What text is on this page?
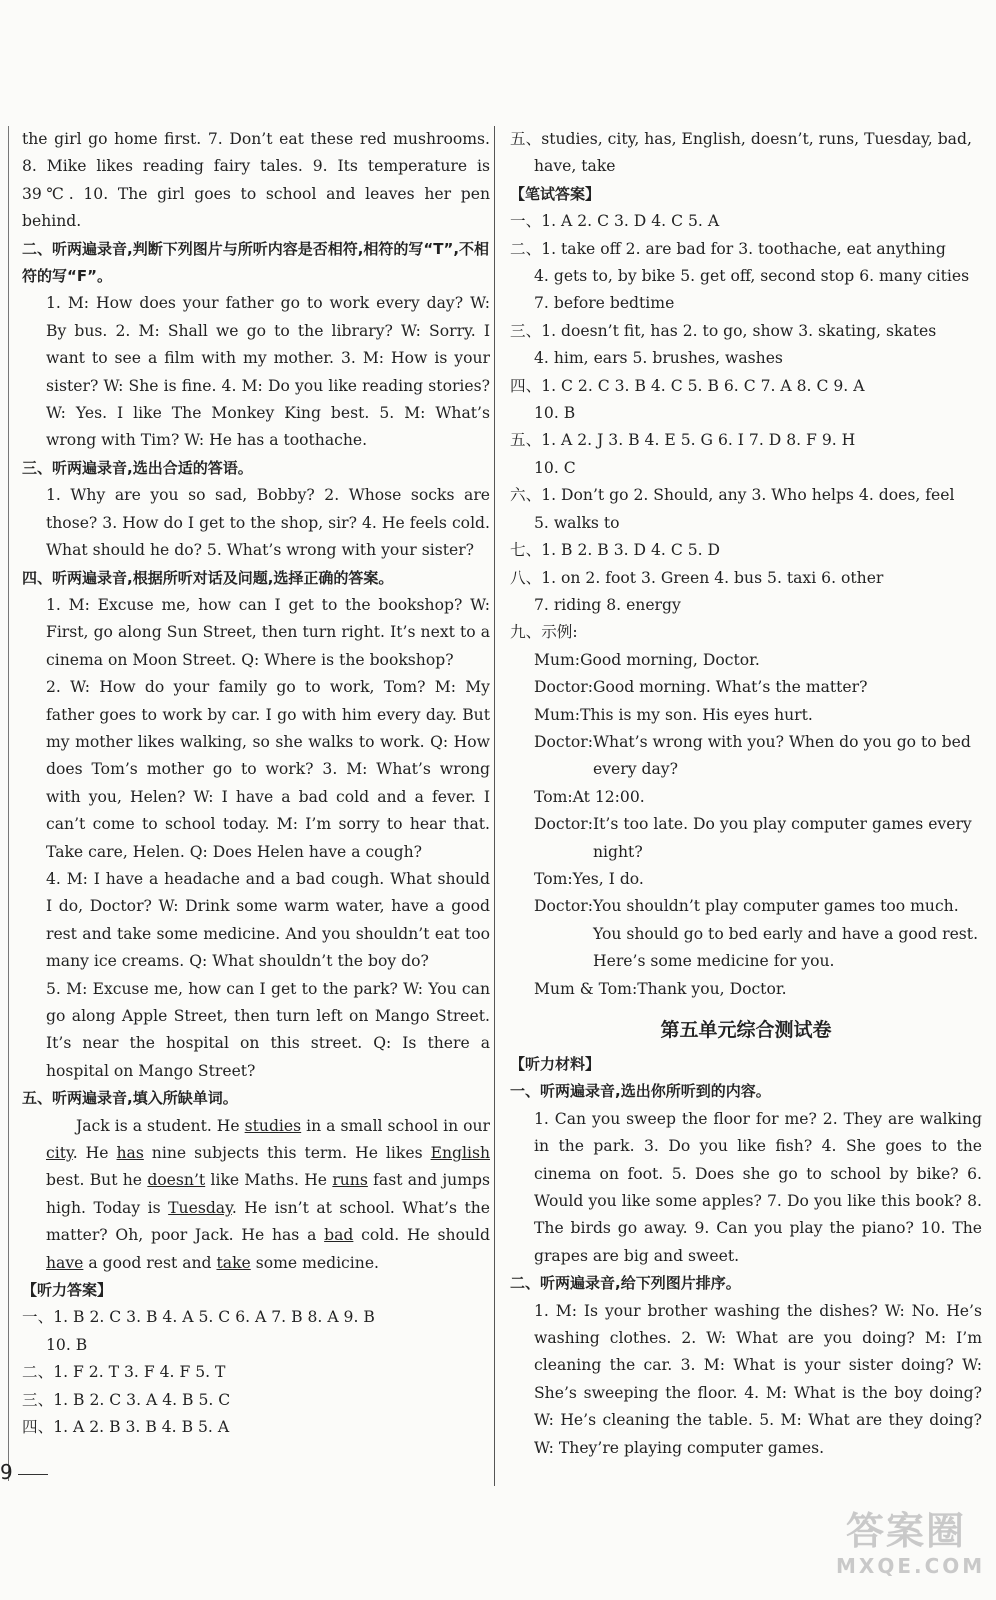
the girl go home first. 7. Don’t eat these red mushrooms. 8. Mike likes reading fairy tales. 9. Its temperature is 39℃. 10. The girl goes to school and leaves her pen behind.

二、听两遍录音,判断下列图片与所听内容是否相符,相符的写“T”,不相符的写“F”。

1. M: How does your father go to work every day? W: By bus. 2. M: Shall we go to the library? W: Sorry. I want to see a film with my mother. 3. M: How is your sister? W: She is fine. 4. M: Do you like reading stories? W: Yes. I like The Monkey King best. 5. M: What’s wrong with Tim? W: He has a toothache.

三、听两遍录音,选出合适的答语。

1. Why are you so sad, Bobby? 2. Whose socks are those? 3. How do I get to the shop, sir? 4. He feels cold. What should he do? 5. What’s wrong with your sister?

四、听两遍录音,根据所听对话及问题,选择正确的答案。

1. M: Excuse me, how can I get to the bookshop? W: First, go along Sun Street, then turn right. It’s next to a cinema on Moon Street. Q: Where is the bookshop?

2. W: How do your family go to work, Tom? M: My father goes to work by car. I go with him every day. But my mother likes walking, so she walks to work. Q: How does Tom’s mother go to work? 3. M: What’s wrong with you, Helen? W: I have a bad cold and a fever. I can’t come to school today. M: I’m sorry to hear that. Take care, Helen. Q: Does Helen have a cough?

4. M: I have a headache and a bad cough. What should I do, Doctor? W: Drink some warm water, have a good rest and take some medicine. And you shouldn’t eat too many ice creams. Q: What shouldn’t the boy do?

5. M: Excuse me, how can I get to the park? W: You can go along Apple Street, then turn left on Mango Street. It’s near the hospital on this street. Q: Is there a hospital on Mango Street?

五、听两遍录音,填入所缺单词。

Jack is a student. He studies in a small school in our city. He has nine subjects this term. He likes English best. But he doesn’t like Maths. He runs fast and jumps high. Today is Tuesday. He isn’t at school. What’s the matter? Oh, poor Jack. He has a bad cold. He should have a good rest and take some medicine.

【听力答案】

一、1. B 2. C 3. B 4. A 5. C 6. A 7. B 8. A 9. B

10. B

二、1. F 2. T 3. F 4. F 5. T

三、1. B 2. C 3. A 4. B 5. C

四、1. A 2. B 3. B 4. B 5. A

五、studies, city, has, English, doesn’t, runs, Tuesday, bad,

have, take

【笔试答案】

一、1. A 2. C 3. D 4. C 5. A

二、1. take off 2. are bad for 3. toothache, eat anything

4. gets to, by bike 5. get off, second stop 6. many cities

7. before bedtime

三、1. doesn’t fit, has 2. to go, show 3. skating, skates

4. him, ears 5. brushes, washes

四、1. C 2. C 3. B 4. C 5. B 6. C 7. A 8. C 9. A

10. B

五、1. A 2. J 3. B 4. E 5. G 6. I 7. D 8. F 9. H

10. C

六、1. Don’t go 2. Should, any 3. Who helps 4. does, feel

5. walks to

七、1. B 2. B 3. D 4. C 5. D

八、1. on 2. foot 3. Green 4. bus 5. taxi 6. other

7. riding 8. energy

九、示例:

Mum: Good morning, Doctor.
Doctor: Good morning. What’s the matter?
Mum: This is my son. His eyes hurt.
Doctor: What’s wrong with you? When do you go to bed every day?
Tom: At 12:00.
Doctor: It’s too late. Do you play computer games every night?
Tom: Yes, I do.
Doctor: You shouldn’t play computer games too much. You should go to bed early and have a good rest. Here’s some medicine for you.
Mum & Tom: Thank you, Doctor.

第五单元综合测试卷

【听力材料】

一、听两遍录音,选出你所听到的内容。

1. Can you sweep the floor for me? 2. They are walking in the park. 3. Do you like fish? 4. She goes to the cinema on foot. 5. Does she go to school by bike? 6. Would you like some apples? 7. Do you like this book? 8. The birds go away. 9. Can you play the piano? 10. The grapes are big and sweet.

二、听两遍录音,给下列图片排序。

1. M: Is your brother washing the dishes? W: No. He’s washing clothes. 2. W: What are you doing? M: I’m cleaning the car. 3. M: What is your sister doing? W: She’s sweeping the floor. 4. M: What is the boy doing? W: He’s cleaning the table. 5. M: What are they doing? W: They’re playing computer games.

9
答案圈
MXQE.COM
